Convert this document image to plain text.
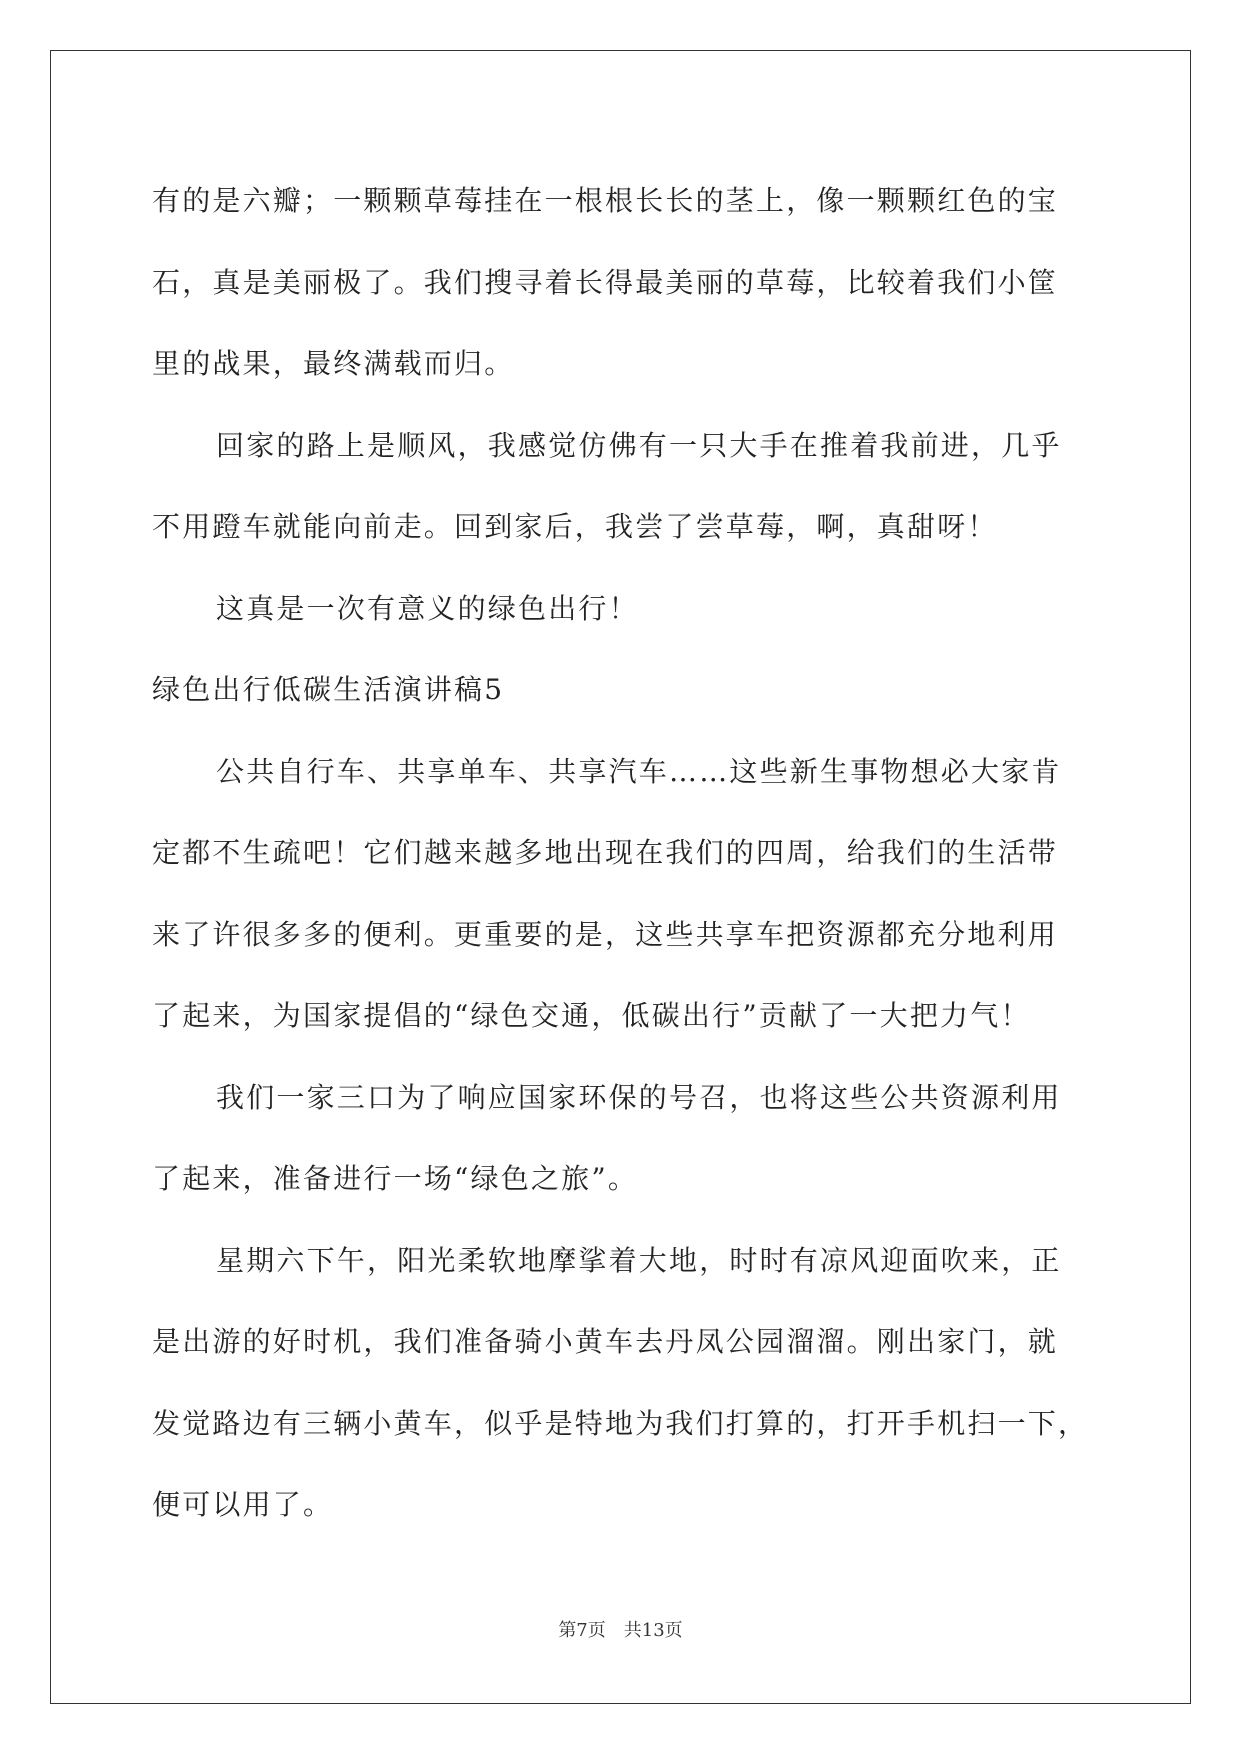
有的是六瓣；一颗颗草莓挂在一根根长长的茎上，像一颗颗红色的宝
石，真是美丽极了。我们搜寻着长得最美丽的草莓，比较着我们小筐
里的战果，最终满载而归。
回家的路上是顺风，我感觉仿佛有一只大手在推着我前进，几乎
不用蹬车就能向前走。回到家后，我尝了尝草莓，啊，真甜呀！
这真是一次有意义的绿色出行！
绿色出行低碳生活演讲稿5
公共自行车、共享单车、共享汽车……这些新生事物想必大家肯
定都不生疏吧！它们越来越多地出现在我们的四周，给我们的生活带
来了许很多多的便利。更重要的是，这些共享车把资源都充分地利用
了起来，为国家提倡的“绿色交通，低碳出行”贡献了一大把力气！
我们一家三口为了响应国家环保的号召，也将这些公共资源利用
了起来，准备进行一场“绿色之旅”。
星期六下午，阳光柔软地摩挲着大地，时时有凉风迎面吹来，正
是出游的好时机，我们准备骑小黄车去丹凤公园溜溜。刚出家门，就
发觉路边有三辆小黄车，似乎是特地为我们打算的，打开手机扫一下，
便可以用了。
第7页　共13页
